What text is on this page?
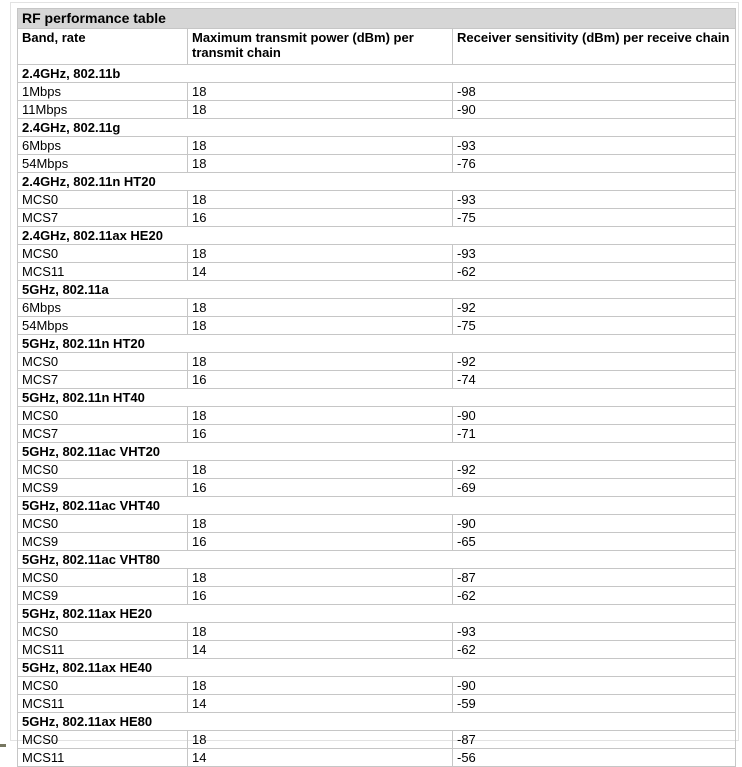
RF performance table		
Band, rate	Maximum transmit power (dBm) per transmit chain	Receiver sensitivity (dBm) per receive chain
2.4GHz, 802.11b		
1Mbps	18	-98
11Mbps	18	-90
2.4GHz, 802.11g		
6Mbps	18	-93
54Mbps	18	-76
2.4GHz, 802.11n HT20		
MCS0	18	-93
MCS7	16	-75
2.4GHz, 802.11ax HE20		
MCS0	18	-93
MCS11	14	-62
5GHz, 802.11a		
6Mbps	18	-92
54Mbps	18	-75
5GHz, 802.11n HT20		
MCS0	18	-92
MCS7	16	-74
5GHz, 802.11n HT40		
MCS0	18	-90
MCS7	16	-71
5GHz, 802.11ac VHT20		
MCS0	18	-92
MCS9	16	-69
5GHz, 802.11ac VHT40		
MCS0	18	-90
MCS9	16	-65
5GHz, 802.11ac VHT80		
MCS0	18	-87
MCS9	16	-62
5GHz, 802.11ax HE20		
MCS0	18	-93
MCS11	14	-62
5GHz, 802.11ax HE40		
MCS0	18	-90
MCS11	14	-59
5GHz, 802.11ax HE80		
MCS0	18	-87
MCS11	14	-56
